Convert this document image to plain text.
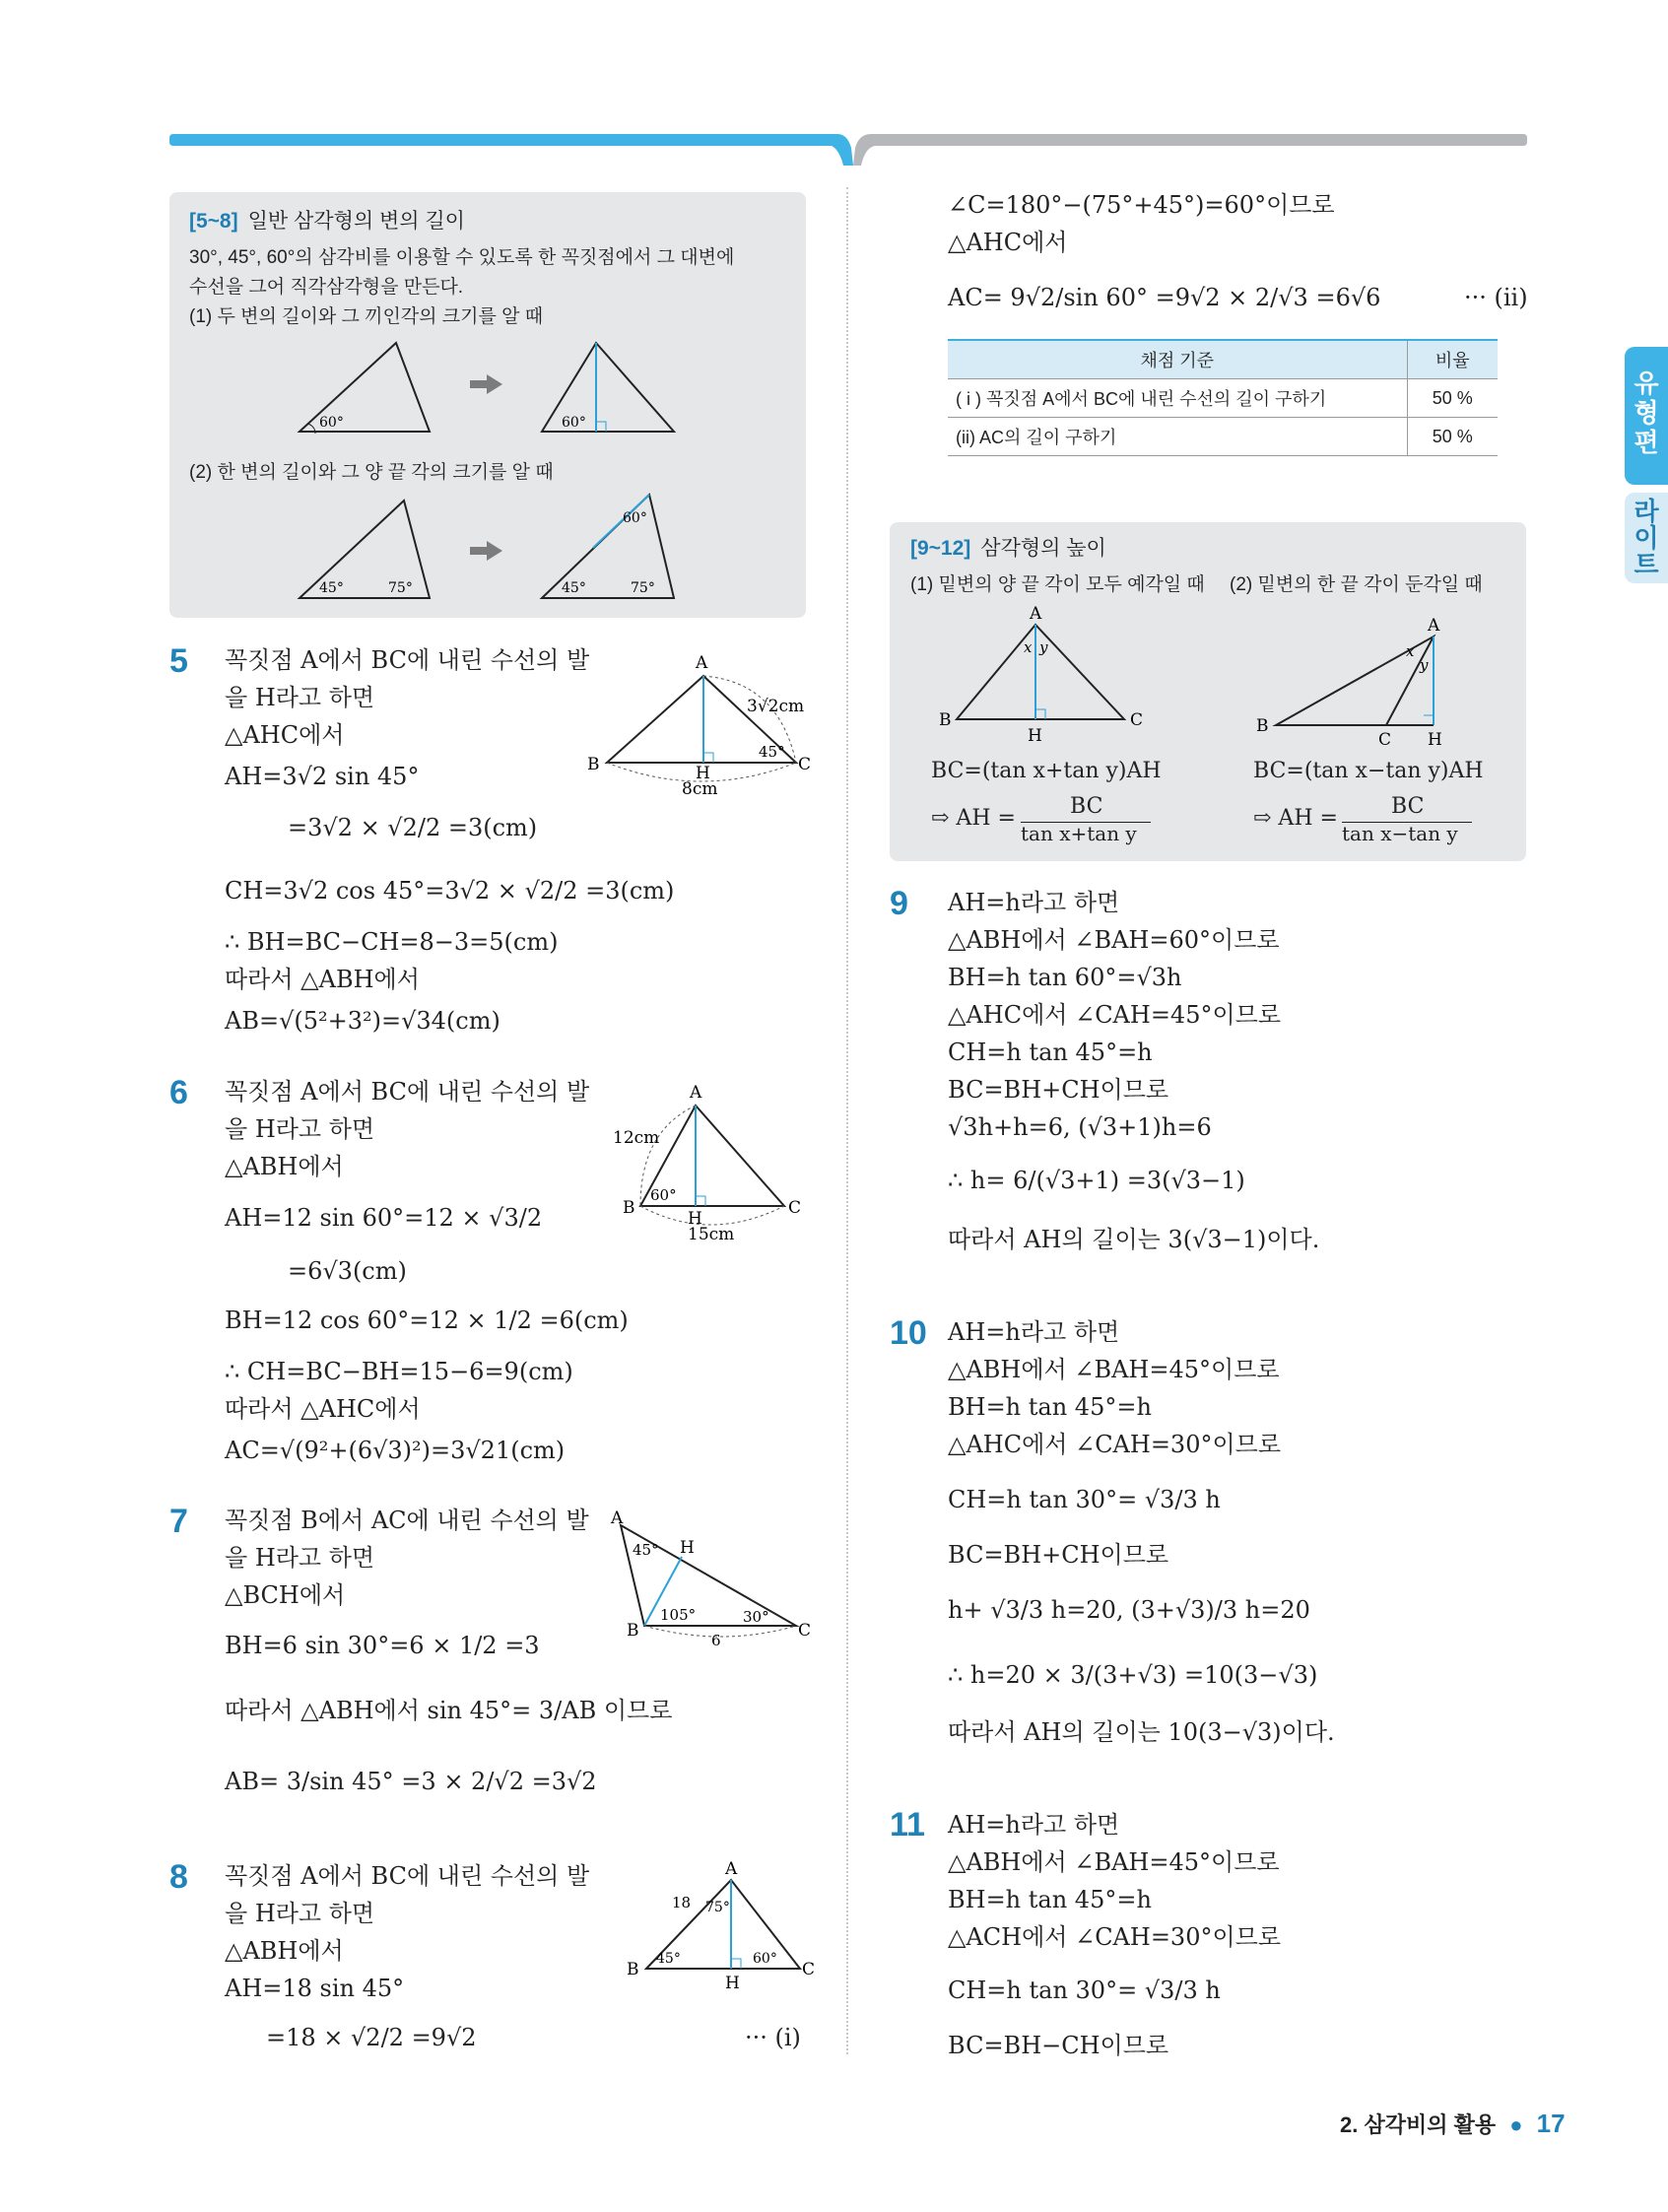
유
형
편
라
이
트
[5~8] 일반 삼각형의 변의 길이
30°, 45°, 60°의 삼각비를 이용할 수 있도록 한 꼭짓점에서 그 대변에
수선을 그어 직각삼각형을 만든다.
(1) 두 변의 길이와 그 끼인각의 크기를 알 때
(2) 한 변의 길이와 그 양 끝 각의 크기를 알 때
60°	60°
45°	75°
60°
45°	75°
5 꼭짓점 A에서 BC에 내린 수선의 발
을 H라고 하면
△AHC에서
AH=3√2 sin 45°
=3√2 × √2/2 =3(cm)
CH=3√2 cos 45°=3√2 × √2/2 =3(cm)
∴ BH=BC−CH=8−3=5(cm)
따라서 △ABH에서
AB=√(5²+3²)=√34(cm)
A
B	C
H
3√2cm
8cm
45°
6 꼭짓점 A에서 BC에 내린 수선의 발
을 H라고 하면
△ABH에서
AH=12 sin 60°=12 × √3/2
=6√3(cm)
BH=12 cos 60°=12 × 1/2 =6(cm)
∴ CH=BC−BH=15−6=9(cm)
따라서 △AHC에서
AC=√(9²+(6√3)²)=3√21(cm)
A
B	C
H
12cm
15cm
60°
7 꼭짓점 B에서 AC에 내린 수선의 발
을 H라고 하면
△BCH에서
BH=6 sin 30°=6 × 1/2 =3
따라서 △ABH에서 sin 45°= 3/AB 이므로
AB= 3/sin 45° =3 × 2/√2 =3√2
A
B	C
H
45°
105°	30°
6
8 꼭짓점 A에서 BC에 내린 수선의 발
을 H라고 하면
△ABH에서
AH=18 sin 45°
=18 × √2/2 =9√2	··· (i)
A
B	C
H
18 75°
45°	60°
∠C=180°−(75°+45°)=60°이므로
△AHC에서
AC= 9√2/sin 60° =9√2 × 2/√3 =6√6	··· (ii)
채점 기준	비율
( i ) 꼭짓점 A에서 BC에 내린 수선의 길이 구하기	50 %
(ii) AC의 길이 구하기	50 %
[9~12] 삼각형의 높이
(1) 밑변의 양 끝 각이 모두 예각일 때 (2) 밑변의 한 끝 각이 둔각일 때
A
B	C
H
x y
A
B
C H
x
y
BC=(tan x+tan y)AH
⇨ AH =	BC
tan x+tan y
BC=(tan x−tan y)AH
⇨ AH = BC
tan x−tan y
9 AH=h라고 하면
△ABH에서 ∠BAH=60°이므로
BH=h tan 60°=√3h
△AHC에서 ∠CAH=45°이므로
CH=h tan 45°=h
BC=BH+CH이므로
√3h+h=6, (√3+1)h=6
∴ h= 6/(√3+1) =3(√3−1)
따라서 AH의 길이는 3(√3−1)이다.
10 AH=h라고 하면
△ABH에서 ∠BAH=45°이므로
BH=h tan 45°=h
△AHC에서 ∠CAH=30°이므로
CH=h tan 30°= √3/3 h
BC=BH+CH이므로
h+ √3/3 h=20, (3+√3)/3 h=20
∴ h=20 × 3/(3+√3) =10(3−√3)
따라서 AH의 길이는 10(3−√3)이다.
11 AH=h라고 하면
△ABH에서 ∠BAH=45°이므로
BH=h tan 45°=h
△ACH에서 ∠CAH=30°이므로
CH=h tan 30°= √3/3 h
BC=BH−CH이므로
2. 삼각비의 활용 ● 17
